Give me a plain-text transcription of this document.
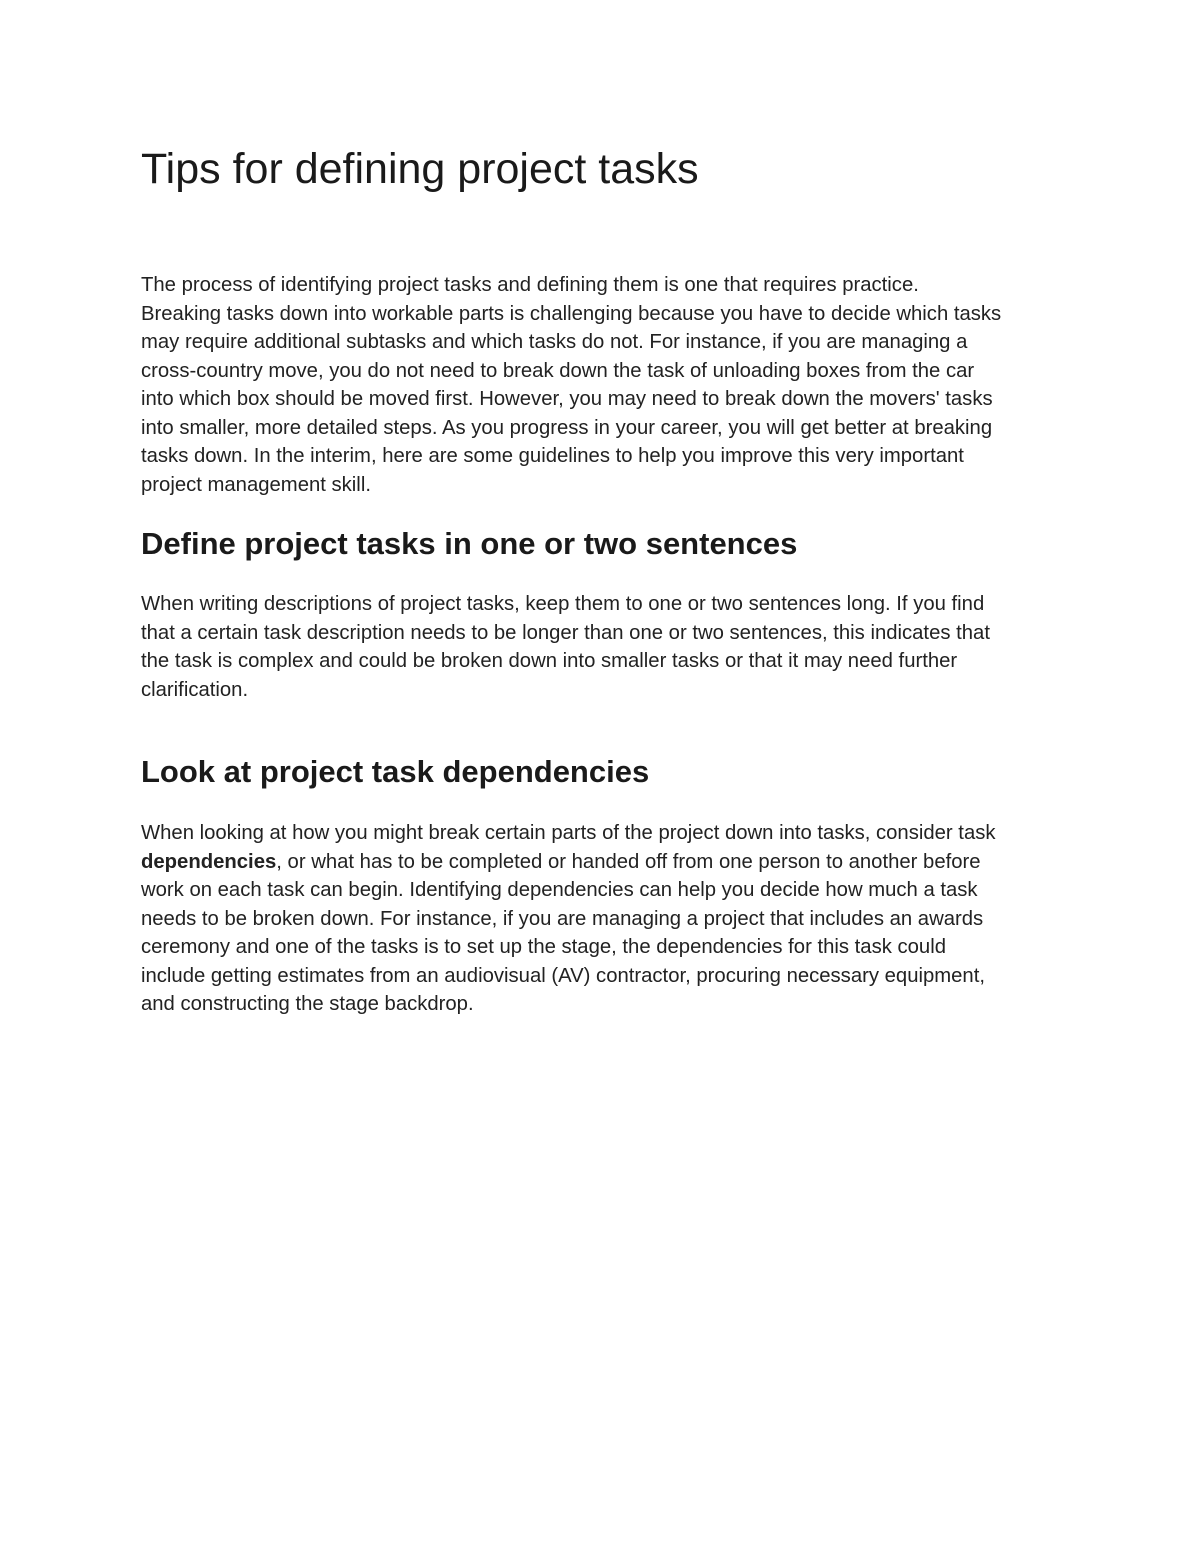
Tips for defining project tasks

The process of identifying project tasks and defining them is one that requires practice.
Breaking tasks down into workable parts is challenging because you have to decide which tasks
may require additional subtasks and which tasks do not. For instance, if you are managing a
cross-country move, you do not need to break down the task of unloading boxes from the car
into which box should be moved first. However, you may need to break down the movers' tasks
into smaller, more detailed steps. As you progress in your career, you will get better at breaking
tasks down. In the interim, here are some guidelines to help you improve this very important
project management skill.

Define project tasks in one or two sentences

When writing descriptions of project tasks, keep them to one or two sentences long. If you find
that a certain task description needs to be longer than one or two sentences, this indicates that
the task is complex and could be broken down into smaller tasks or that it may need further
clarification.

Look at project task dependencies

When looking at how you might break certain parts of the project down into tasks, consider task
dependencies, or what has to be completed or handed off from one person to another before
work on each task can begin. Identifying dependencies can help you decide how much a task
needs to be broken down. For instance, if you are managing a project that includes an awards
ceremony and one of the tasks is to set up the stage, the dependencies for this task could
include getting estimates from an audiovisual (AV) contractor, procuring necessary equipment,
and constructing the stage backdrop.
